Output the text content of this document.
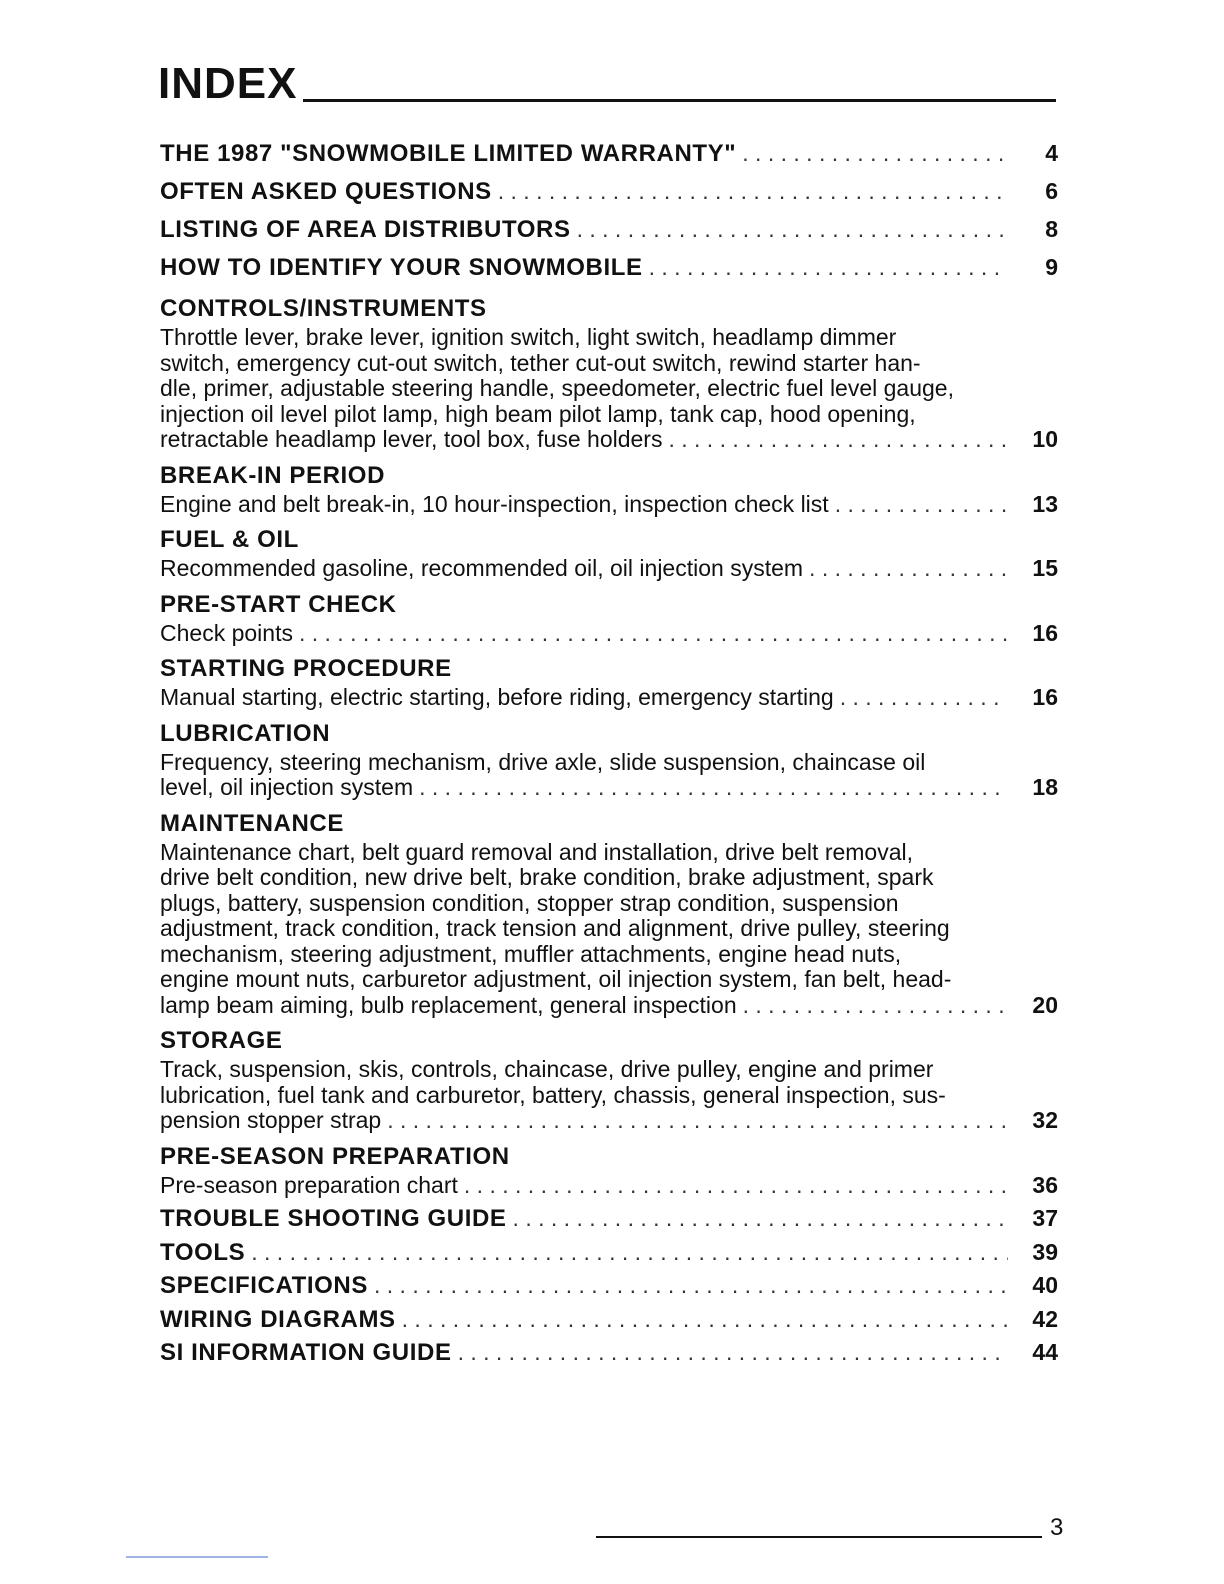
INDEX
THE 1987 "SNOWMOBILE LIMITED WARRANTY" . . .	4
OFTEN ASKED QUESTIONS . . .	6
LISTING OF AREA DISTRIBUTORS . . .	8
HOW TO IDENTIFY YOUR SNOWMOBILE . . .	9
CONTROLS/INSTRUMENTS
Throttle lever, brake lever, ignition switch, light switch, headlamp dimmer
switch, emergency cut-out switch, tether cut-out switch, rewind starter han-
dle, primer, adjustable steering handle, speedometer, electric fuel level gauge,
injection oil level pilot lamp, high beam pilot lamp, tank cap, hood opening,
retractable headlamp lever, tool box, fuse holders . . .	10
BREAK-IN PERIOD
Engine and belt break-in, 10 hour-inspection, inspection check list . . .	13
FUEL & OIL
Recommended gasoline, recommended oil, oil injection system . . .	15
PRE-START CHECK
Check points . . .	16
STARTING PROCEDURE
Manual starting, electric starting, before riding, emergency starting . . .	16
LUBRICATION
Frequency, steering mechanism, drive axle, slide suspension, chaincase oil
level, oil injection system . . .	18
MAINTENANCE
Maintenance chart, belt guard removal and installation, drive belt removal,
drive belt condition, new drive belt, brake condition, brake adjustment, spark
plugs, battery, suspension condition, stopper strap condition, suspension
adjustment, track condition, track tension and alignment, drive pulley, steering
mechanism, steering adjustment, muffler attachments, engine head nuts,
engine mount nuts, carburetor adjustment, oil injection system, fan belt, head-
lamp beam aiming, bulb replacement, general inspection . . .	20
STORAGE
Track, suspension, skis, controls, chaincase, drive pulley, engine and primer
lubrication, fuel tank and carburetor, battery, chassis, general inspection, sus-
pension stopper strap . . .	32
PRE-SEASON PREPARATION
Pre-season preparation chart . . .	36
TROUBLE SHOOTING GUIDE . . .	37
TOOLS . . .	39
SPECIFICATIONS . . .	40
WIRING DIAGRAMS . . .	42
SI INFORMATION GUIDE . . .	44
3
